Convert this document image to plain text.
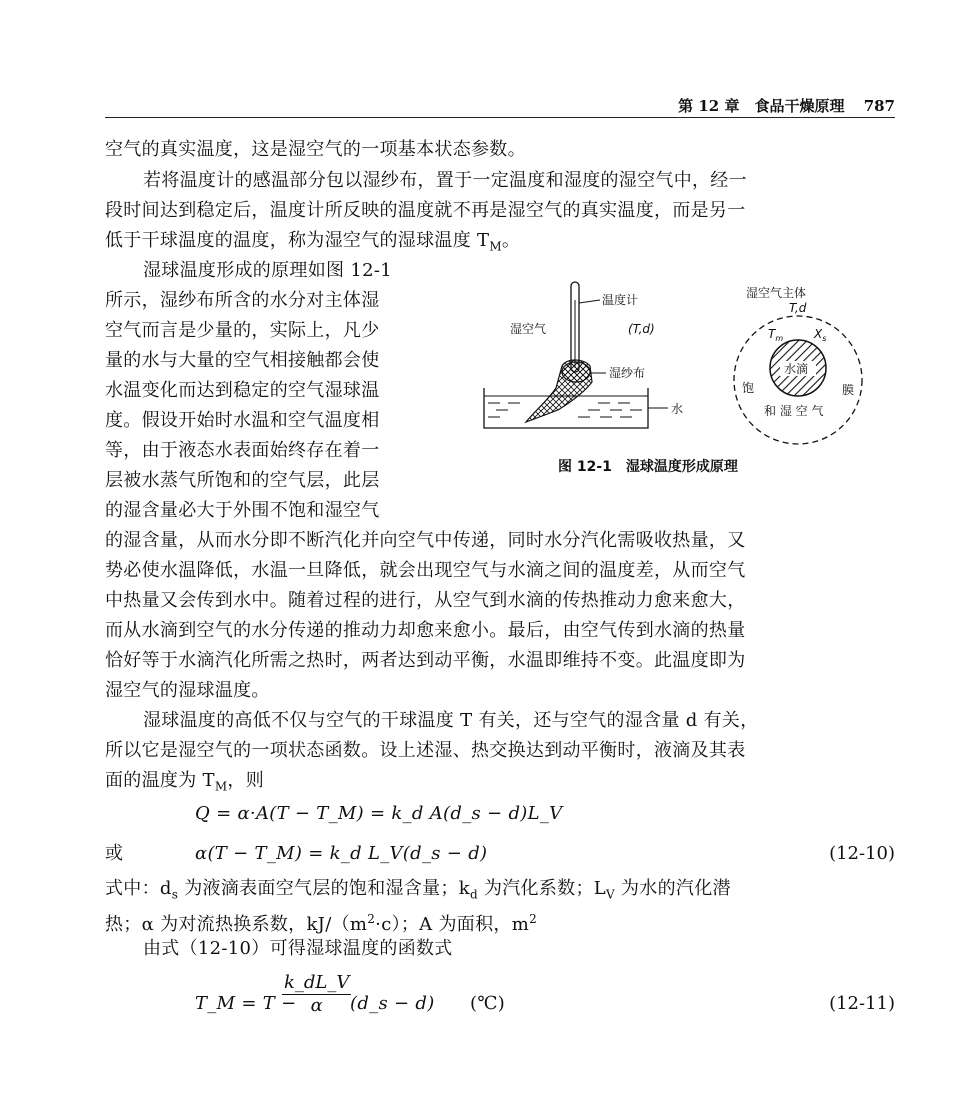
第 12 章　食品干燥原理 787
空气的真实温度，这是湿空气的一项基本状态参数。
若将温度计的感温部分包以湿纱布，置于一定温度和湿度的湿空气中，经一
段时间达到稳定后，温度计所反映的温度就不再是湿空气的真实温度，而是另一
低于干球温度的温度，称为湿空气的湿球温度 $T_M$。
湿球温度形成的原理如图 12-1
所示，湿纱布所含的水分对主体湿
空气而言是少量的，实际上，凡少
量的水与大量的空气相接触都会使
水温变化而达到稳定的空气湿球温
度。假设开始时水温和空气温度相
等，由于液态水表面始终存在着一
层被水蒸气所饱和的空气层，此层
的湿含量必大于外围不饱和湿空气
的湿含量，从而水分即不断汽化并向空气中传递，同时水分汽化需吸收热量，又
势必使水温降低，水温一旦降低，就会出现空气与水滴之间的温度差，从而空气
中热量又会传到水中。随着过程的进行，从空气到水滴的传热推动力愈来愈大，
而从水滴到空气的水分传递的推动力却愈来愈小。最后，由空气传到水滴的热量
恰好等于水滴汽化所需之热时，两者达到动平衡，水温即维持不变。此温度即为
湿空气的湿球温度。
湿球温度的高低不仅与空气的干球温度 T 有关，还与空气的湿含量 d 有关，
所以它是湿空气的一项状态函数。设上述湿、热交换达到动平衡时，液滴及其表
面的温度为 $T_M$，则
Q = α·A(T − T_M) = k_d A(d_s − d)L_V
或	α(T − T_M) = k_d L_V(d_s − d)	(12-10)
式中：$d_s$ 为液滴表面空气层的饱和湿含量；$k_d$ 为汽化系数；$L_V$ 为水的汽化潜
热；α 为对流热换系数，$kJ/(m^2\cdot c)$；A 为面积，$m^2$
由式（12-10）可得湿球温度的函数式
T_M = T −
$\frac{k\_dL\_V}{\alpha}$
(d_s − d)	(℃)	(12-11)
温度计
湿空气	(T,d)
湿纱布
水
湿空气主体
T,d
水滴
$T_m$	$X_s$
饱	膜
和 湿 空 气
图 12-1　湿球温度形成原理
